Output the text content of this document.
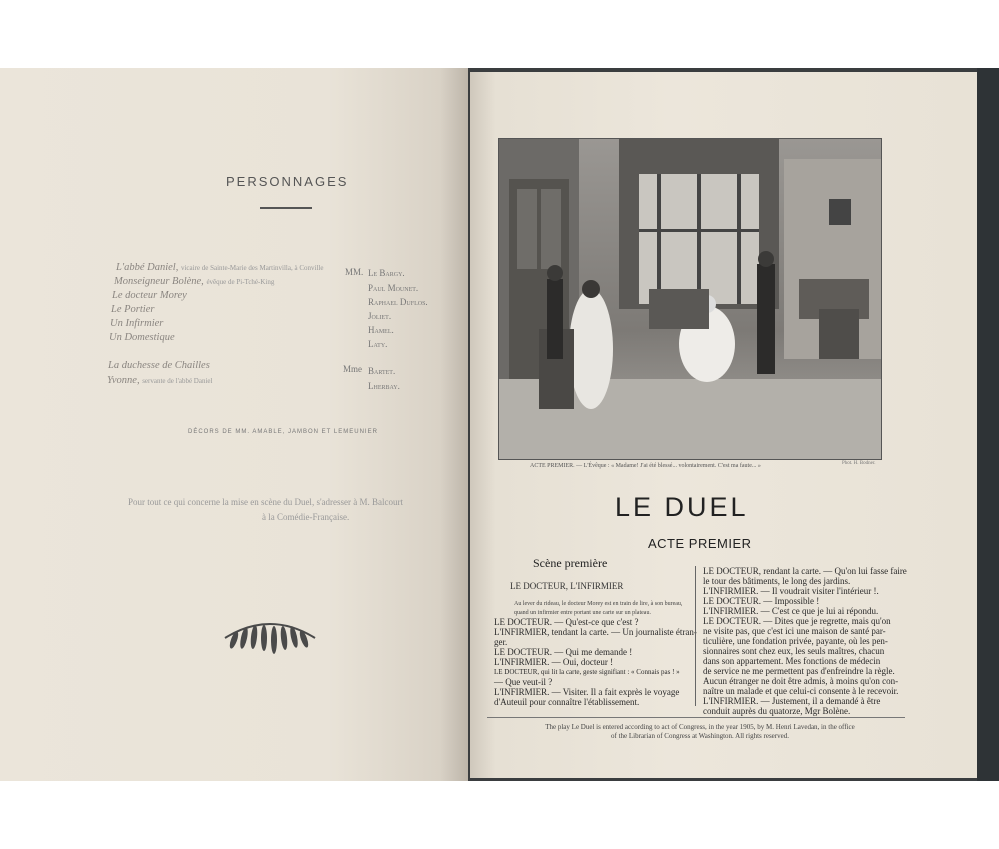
PERSONNAGES
L'abbé Daniel, vicaire de Sainte-Marie des Martinvilla, à Conville
Monseigneur Bolène, évêque de Pi-Tché-King
Le docteur Morey
Le Portier
Un Infirmier
Un Domestique
La duchesse de Chailles
Yvonne, servante de l'abbé Daniel
MM.
Mme
Le Bargy.
Paul Mounet.
Raphael Duflos.
Joliet.
Hamel.
Laty.
Bartet.
Lherbay.
DÉCORS DE MM. AMABLE, JAMBON ET LEMEUNIER
Pour tout ce qui concerne la mise en scène du Duel, s'adresser à M. Balcourt
à la Comédie-Française.
ACTE PREMIER. — L'Évêque : « Madame! J'ai été blessé... volontairement. C'est ma faute... »	Phot. H. Bodner.
LE DUEL
ACTE PREMIER
Scène première
LE DOCTEUR, L'INFIRMIER
Au lever du rideau, le docteur Morey est en train de lire, à son bureau,
quand un infirmier entre portant une carte sur un plateau.
LE DOCTEUR. — Qu'est-ce que c'est ?
L'INFIRMIER, tendant la carte. — Un journaliste étran-
ger.
LE DOCTEUR. — Qui me demande !
L'INFIRMIER. — Oui, docteur !
LE DOCTEUR, qui lit la carte, geste signifiant : « Connais pas ! »
— Que veut-il ?
L'INFIRMIER. — Visiter. Il a fait exprès le voyage
d'Auteuil pour connaître l'établissement.
LE DOCTEUR, rendant la carte. — Qu'on lui fasse faire
le tour des bâtiments, le long des jardins.
L'INFIRMIER. — Il voudrait visiter l'intérieur !.
LE DOCTEUR. — Impossible !
L'INFIRMIER. — C'est ce que je lui ai répondu.
LE DOCTEUR. — Dites que je regrette, mais qu'on
ne visite pas, que c'est ici une maison de santé par-
ticulière, une fondation privée, payante, où les pen-
sionnaires sont chez eux, les seuls maîtres, chacun
dans son appartement. Mes fonctions de médecin
de service ne me permettent pas d'enfreindre la règle.
Aucun étranger ne doit être admis, à moins qu'on con-
naître un malade et que celui-ci consente à le recevoir.
L'INFIRMIER. — Justement, il a demandé à être
conduit auprès du quatorze, Mgr Bolène.
The play Le Duel is entered according to act of Congress, in the year 1905, by M. Henri Lavedan, in the office
of the Librarian of Congress at Washington. All rights reserved.
